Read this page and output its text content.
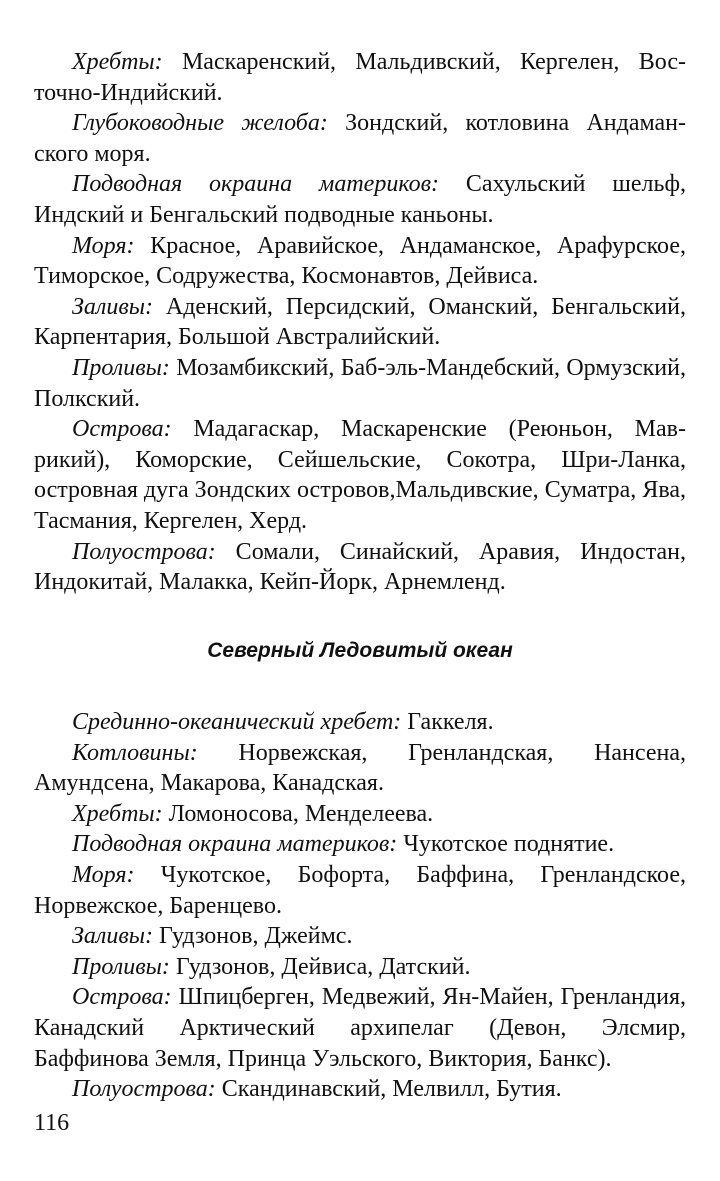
Хребты: Маскаренский, Мальдивский, Кергелен, Восточно-Индийский.

Глубоководные желоба: Зондский, котловина Андаманского моря.

Подводная окраина материков: Сахульский шельф, Индский и Бенгальский подводные каньоны.

Моря: Красное, Аравийское, Андаманское, Арафурское, Тиморское, Содружества, Космонавтов, Дейвиса.

Заливы: Аденский, Персидский, Оманский, Бенгальский, Карпентария, Большой Австралийский.

Проливы: Мозамбикский, Баб-эль-Мандебский, Ормузский, Полкский.

Острова: Мадагаскар, Маскаренские (Реюньон, Маврикий), Коморские, Сейшельские, Сокотра, Шри-Ланка, островная дуга Зондских островов,Мальдивские, Суматра, Ява, Тасмания, Кергелен, Херд.

Полуострова: Сомали, Синайский, Аравия, Индостан, Индокитай, Малакка, Кейп-Йорк, Арнемленд.

Северный Ледовитый океан

Срединно-океанический хребет: Гаккеля.

Котловины: Норвежская, Гренландская, Нансена, Амундсена, Макарова, Канадская.

Хребты: Ломоносова, Менделеева.

Подводная окраина материков: Чукотское поднятие.

Моря: Чукотское, Бофорта, Баффина, Гренландское, Норвежское, Баренцево.

Заливы: Гудзонов, Джеймс.

Проливы: Гудзонов, Дейвиса, Датский.

Острова: Шпицберген, Медвежий, Ян-Майен, Гренландия, Канадский Арктический архипелаг (Девон, Элсмир, Баффинова Земля, Принца Уэльского, Виктория, Банкс).

Полуострова: Скандинавский, Мелвилл, Бутия.

116
